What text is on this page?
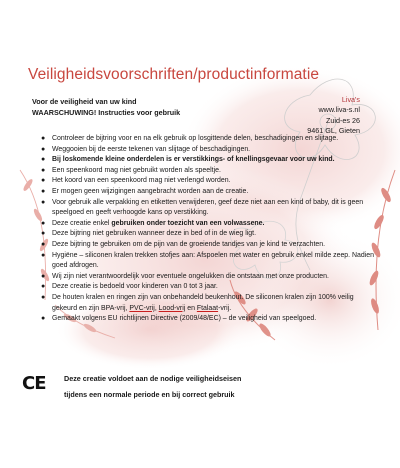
Veiligheidsvoorschriften/productinformatie
Voor de veiligheid van uw kind
WAARSCHUWING! Instructies voor gebruik
Liva's
www.liva-s.nl
Zuid-es 26
9461 GL, Gieten
● Controleer de bijtring voor en na elk gebruik op losgittende delen, beschadigingen en slijtage.
● Weggooien bij de eerste tekenen van slijtage of beschadigingen.
● Bij loskomende kleine onderdelen is er verstikkings- of knellingsgevaar voor uw kind.
● Een speenkoord mag niet gebruikt worden als speeltje.
● Het koord van een speenkoord mag niet verlengd worden.
● Er mogen geen wijzigingen aangebracht worden aan de creatie.
● Voor gebruik alle verpakking en etiketten verwijderen, geef deze niet aan een kind of baby, dit is geen speelgoed en geeft verhoogde kans op verstikking.
● Deze creatie enkel gebruiken onder toezicht van een volwassene.
● Deze bijtring niet gebruiken wanneer deze in bed of in de wieg ligt.
● Deze bijtring te gebruiken om de pijn van de groeiende tandjes van je kind te verzachten.
● Hygiëne – siliconen kralen trekken stofjes aan: Afspoelen met water en gebruik enkel milde zeep. Nadien goed afdrogen.
● Wij zijn niet verantwoordelijk voor eventuele ongelukken die ontstaan met onze producten.
● Deze creatie is bedoeld voor kinderen van 0 tot 3 jaar.
● De houten kralen en ringen zijn van onbehandeld beukenhout. De siliconen kralen zijn 100% veilig gekeurd en zijn BPA-vrij, PVC-vrij, Lood-vrij en Ftalaat-vrij.
● Gemaakt volgens EU richtlijnen Directive (2009/48/EC) – de veiligheid van speelgoed.
CE	Deze creatie voldoet aan de nodige veiligheidseisen
tijdens een normale periode en bij correct gebruik
